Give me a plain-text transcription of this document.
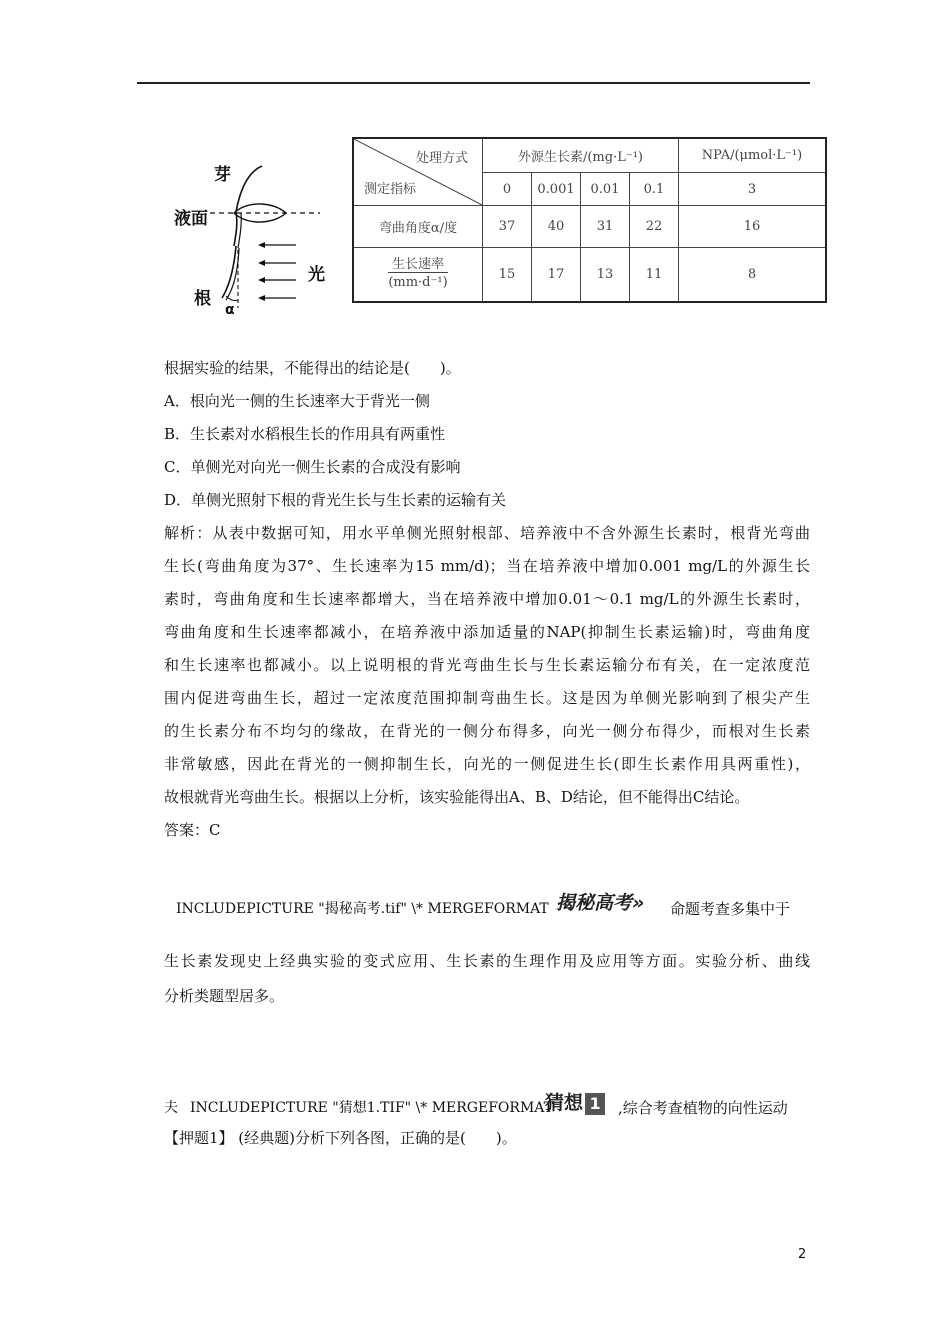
芽
液面
光
根
α
处理方式
测定指标	外源生长素/(mg·L⁻¹)				NPA/(μmol·L⁻¹)
	0	0.001	0.01	0.1	3
弯曲角度α/度	37	40	31	22	16
$\frac{\text{生长速率}}{\text{(mm·d⁻¹)}}$	15	17	13	11	8
根据实验的结果，不能得出的结论是(　　)。
A．根向光一侧的生长速率大于背光一侧
B．生长素对水稻根生长的作用具有两重性
C．单侧光对向光一侧生长素的合成没有影响
D．单侧光照射下根的背光生长与生长素的运输有关
解析：从表中数据可知，用水平单侧光照射根部、培养液中不含外源生长素时，根背光弯曲
生长(弯曲角度为37°、生长速率为15 mm/d)；当在培养液中增加0.001 mg/L的外源生长
素时，弯曲角度和生长速率都增大，当在培养液中增加0.01～0.1 mg/L的外源生长素时，
弯曲角度和生长速率都减小，在培养液中添加适量的NAP(抑制生长素运输)时，弯曲角度
和生长速率也都减小。以上说明根的背光弯曲生长与生长素运输分布有关，在一定浓度范
围内促进弯曲生长，超过一定浓度范围抑制弯曲生长。这是因为单侧光影响到了根尖产生
的生长素分布不均匀的缘故，在背光的一侧分布得多，向光一侧分布得少，而根对生长素
非常敏感，因此在背光的一侧抑制生长，向光的一侧促进生长(即生长素作用具两重性)，
故根就背光弯曲生长。根据以上分析，该实验能得出A、B、D结论，但不能得出C结论。
答案：C
INCLUDEPICTURE "揭秘高考.tif" \* MERGEFORMAT 揭秘高考» 命题考查多集中于
生长素发现史上经典实验的变式应用、生长素的生理作用及应用等方面。实验分析、曲线
分析类题型居多。
夫 INCLUDEPICTURE "猜想1.TIF" \* MERGEFORMAT
猜想 1 ,综合考查植物的向性运动
【押题1】 (经典题)分析下列各图，正确的是(　　)。
2
